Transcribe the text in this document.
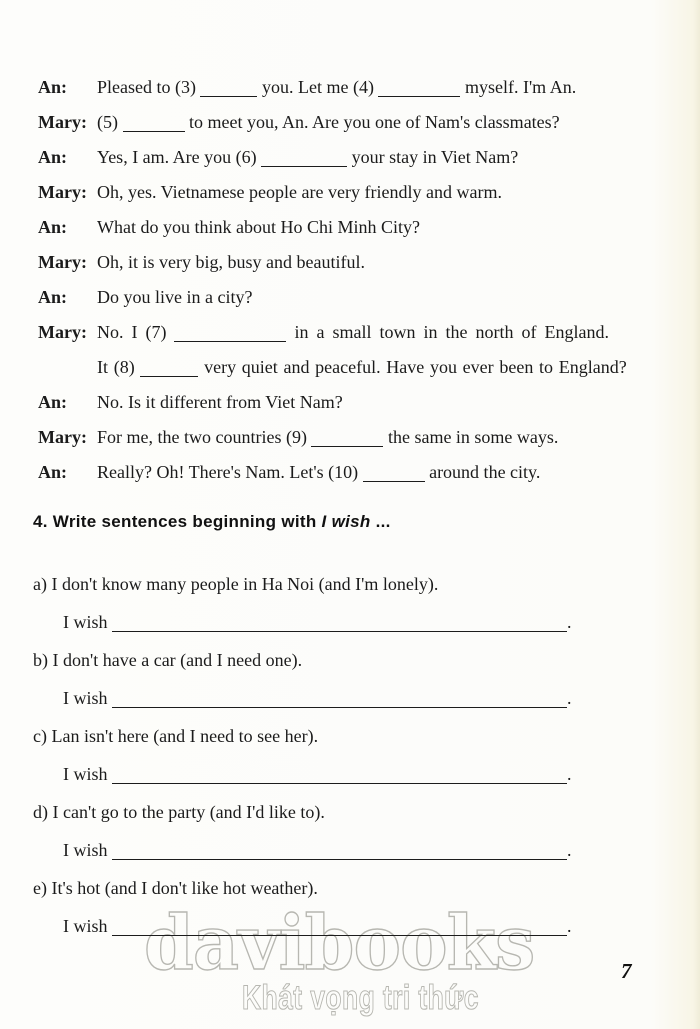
davibooks
Khát vọng tri thức
An:	Pleased to (3)	you. Let me (4)	myself. I'm An.
Mary: (5)	to meet you, An. Are you one of Nam's classmates?
An:	Yes, I am. Are you (6)	your stay in Viet Nam?
Mary: Oh, yes. Vietnamese people are very friendly and warm.
An:	What do you think about Ho Chi Minh City?
Mary: Oh, it is very big, busy and beautiful.
An:	Do you live in a city?
Mary: No. I (7)	in a small town in the north of England.
It (8)	very quiet and peaceful. Have you ever been to England?
An:	No. Is it different from Viet Nam?
Mary: For me, the two countries (9)	the same in some ways.
An:	Really? Oh! There's Nam. Let's (10)	around the city.
4. Write sentences beginning with I wish ...
a) I don't know many people in Ha Noi (and I'm lonely).
I wish	.
b) I don't have a car (and I need one).
I wish	.
c) Lan isn't here (and I need to see her).
I wish	.
d) I can't go to the party (and I'd like to).
I wish	.
e) It's hot (and I don't like hot weather).
I wish	.
7
